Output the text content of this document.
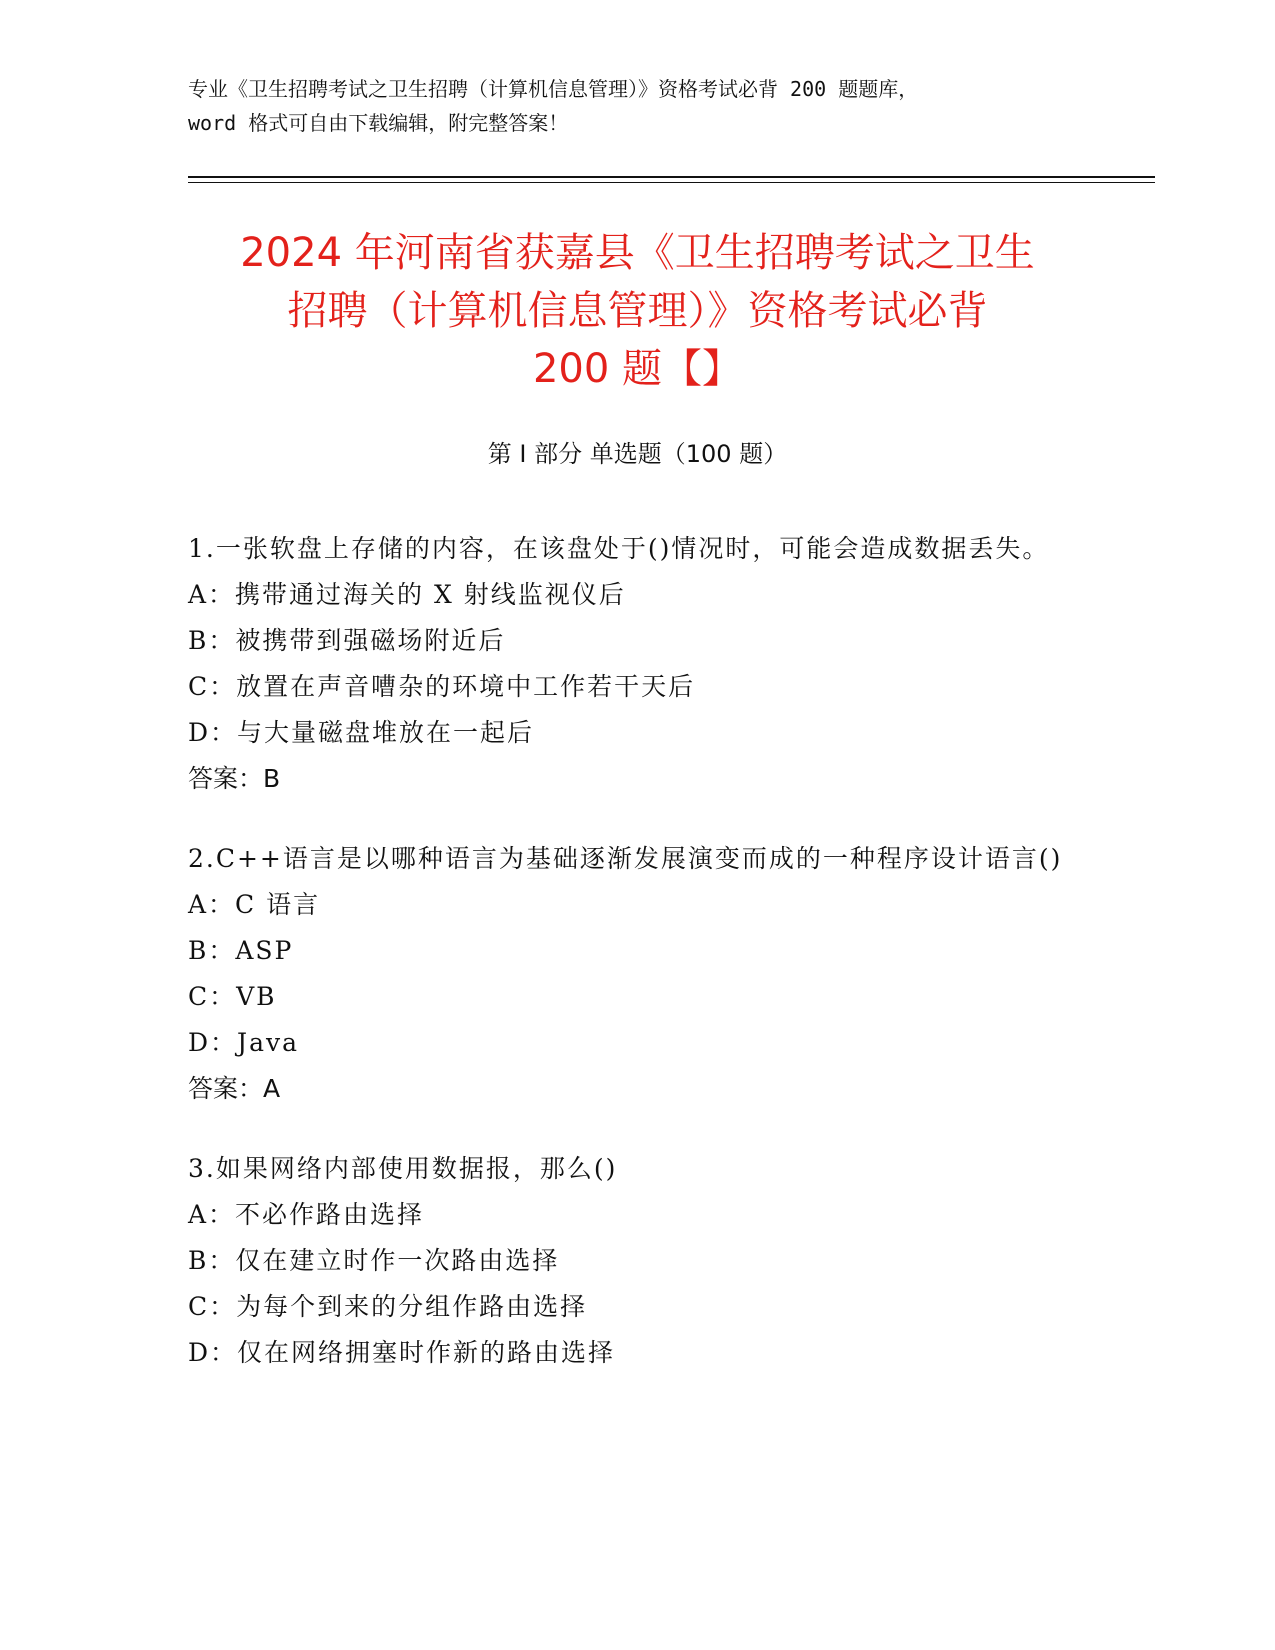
专业《卫生招聘考试之卫生招聘（计算机信息管理）》资格考试必背 200 题题库，
word 格式可自由下载编辑，附完整答案！
2024 年河南省获嘉县《卫生招聘考试之卫生
招聘（计算机信息管理）》资格考试必背
200 题【】
第 I 部分 单选题（100 题）
1.一张软盘上存储的内容，在该盘处于()情况时，可能会造成数据丢失。
A：携带通过海关的 X 射线监视仪后
B：被携带到强磁场附近后
C：放置在声音嘈杂的环境中工作若干天后
D：与大量磁盘堆放在一起后
答案：B
2.C++语言是以哪种语言为基础逐渐发展演变而成的一种程序设计语言()
A：C 语言
B：ASP
C：VB
D：Java
答案：A
3.如果网络内部使用数据报，那么()
A：不必作路由选择
B：仅在建立时作一次路由选择
C：为每个到来的分组作路由选择
D：仅在网络拥塞时作新的路由选择
